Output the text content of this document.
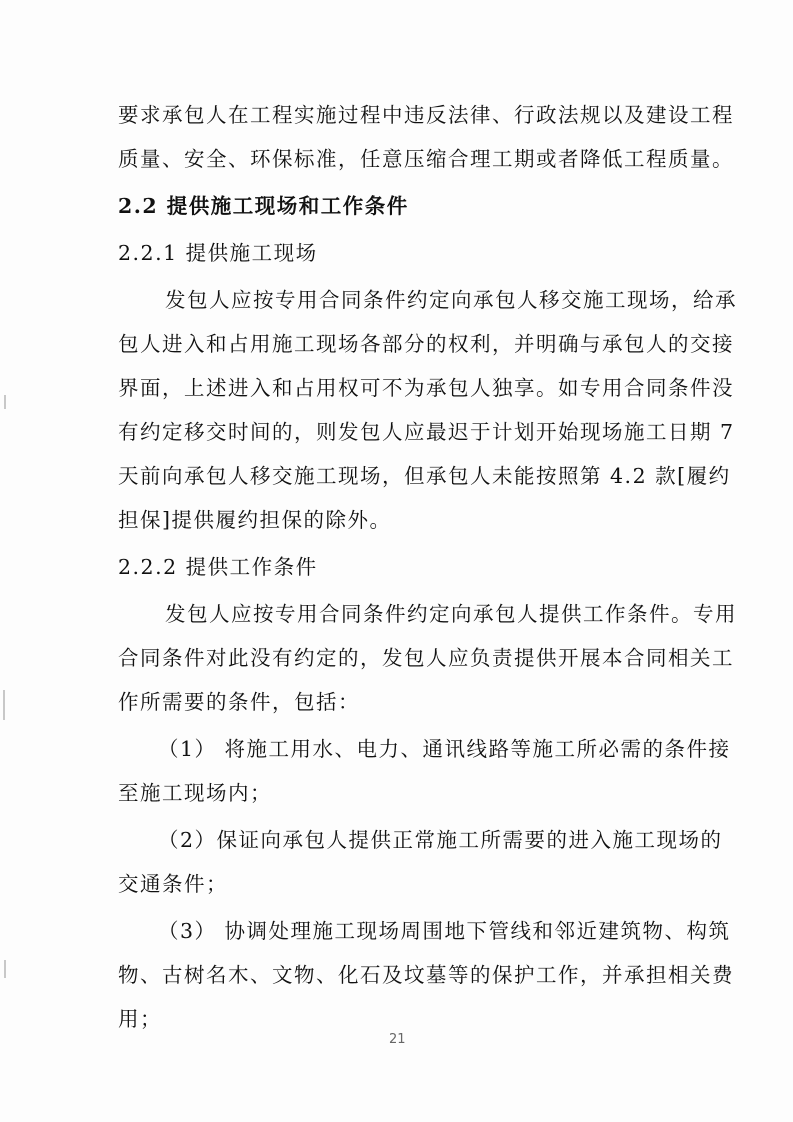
要求承包人在工程实施过程中违反法律、行政法规以及建设工程
质量、安全、环保标准，任意压缩合理工期或者降低工程质量。
2.2 提供施工现场和工作条件
2.2.1 提供施工现场
发包人应按专用合同条件约定向承包人移交施工现场，给承
包人进入和占用施工现场各部分的权利，并明确与承包人的交接
界面，上述进入和占用权可不为承包人独享。如专用合同条件没
有约定移交时间的，则发包人应最迟于计划开始现场施工日期 7
天前向承包人移交施工现场，但承包人未能按照第 4.2 款[履约
担保]提供履约担保的除外。
2.2.2 提供工作条件
发包人应按专用合同条件约定向承包人提供工作条件。专用
合同条件对此没有约定的，发包人应负责提供开展本合同相关工
作所需要的条件，包括：
（1） 将施工用水、电力、通讯线路等施工所必需的条件接
至施工现场内；
（2）保证向承包人提供正常施工所需要的进入施工现场的
交通条件；
（3） 协调处理施工现场周围地下管线和邻近建筑物、构筑
物、古树名木、文物、化石及坟墓等的保护工作，并承担相关费
用；
21
